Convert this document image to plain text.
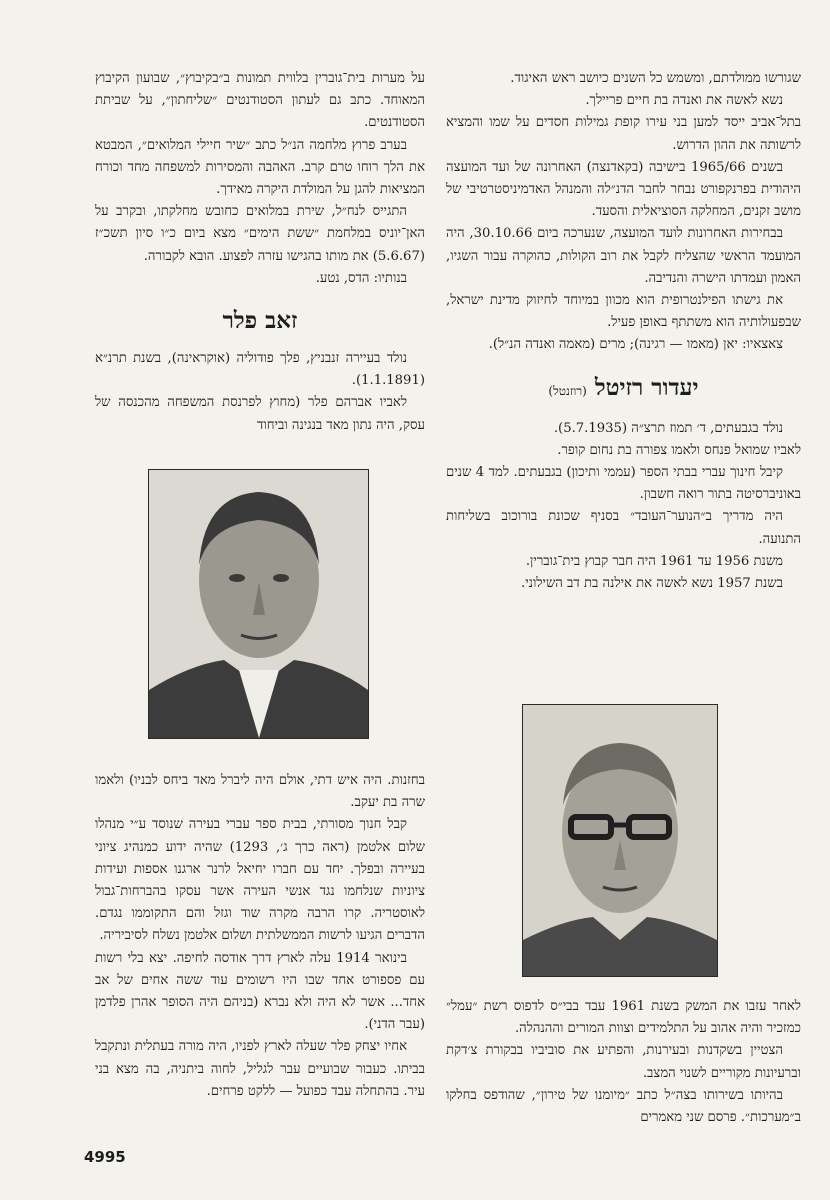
שגורשו ממולדתם, ומשמש כל השנים כיושב ראש האיגוד.

נשא לאשה את ואנדה בת חיים פריילך.

בתל־אביב ייסד למען בני עירו קופת גמילות חסדים על שמו והמציא לרשותה את ההון הדרוש.

בשנים 1965/66 בישיבה (בקאדנצה) האחרונה של ועד המועצה היהודית בפרנקפורט נבחר לחבר הדנ״לה והמנהל האדמיניסטרטיבי של מושב זקנים, המחלקה הסוציאלית והסעד.

בבחירות האחרונות לועד המועצה, שנערכה ביום 30.10.66, היה המועמד הראשי שהצליח לקבל את רוב הקולות, כהוקרה עבור השגיו, האמון ועמדתו הישרה והנדיבה.

את גישתו הפילנטרופית הוא מכוון במיוחד לחיזוק מדינת ישראל, שבפעולותיה הוא משתתף באופן פעיל.

צאצאיו: יאן (מאמו — רגינה); מרים (מאמה ואנדה הנ״ל).

יעדור רזיטל (רוזנטל)

נולד בגבעתים, ד׳ תמוז תרצ״ה (5.7.1935).

לאביו שמואל פנחס ולאמו צפורה בת נחום קופר.

קיבל חינוך עברי בבתי הספר (עממי ותיכון) בגבעתים. למד 4 שנים באוניברסיטה בתור רואה חשבון.

היה מדריך ב״הנוער־העובד״ בסניף שכונת בורוכוב בשליחות התנועה.

משנת 1956 עד 1961 היה חבר קבוץ בית־גוברין.

בשנת 1957 נשא לאשה את אילנה בת דב השילוני.

על מערות בית־גוברין בלווית תמונות ב״בקיבוץ״, שבועון הקיבוץ המאוחד. כתב גם לעתון הסטודנטים ״שליחתון״, על שביתת הסטודנטים.

בערב פרוץ מלחמה הנ״ל כתב ״שיר חיילי המלואים״, המבטא את הלך רוחו טרם קרב. האהבה והמסירות למשפחה מחד וכורח המציאות להגן על המולדת היקרה מאידך.

התגייס לנח״ל, שירת במלואים כחובש מחלקתו, ובקרב על האן־יוניס במלחמת ״ששת הימים״ מצא ביום כ״ו סיון תשכ״ז (5.6.67) את מותו בהגישו עזרה לפצוע. הובא לקבורה.

בנותיו: הדס, נטע.

זאב פלר

נולד בעיירה זנבניץ, פלך פודוליה (אוקראינה), בשנת תרנ״א (1.1.1891).

לאביו אברהם פלר (מחוץ לפרנסת המשפחה מהכנסה של עסק, היה נתון מאד בנגינה וביחוד

בחזנות. היה איש דתי, אולם היה ליברל מאד ביחס לבניו) ולאמו שרה בת יעקב.

קבל חנוך מסורתי, בבית ספר עברי בעירה שנוסד ע״י מנהלו שלום אלטמן (ראה כרך ג׳, 1293) שהיה ידוע כמנהיג ציוני בעיירה ובפלך. יחד עם חברו יחיאל לרנר ארגנו אספות ועידות ציוניות שנלחמו נגד אנשי העירה אשר עסקו בהברחות־גבול לאוסטריה. קרו הרבה מקרה שוד וגזל והם התקוממו נגדם. הדברים הגיעו לרשות הממשלתית ושלום אלטמן נשלח לסיביריה.

בינואר 1914 עלה לארץ דרך אודסה לחיפה. יצא בלי רשות עם פספורט אחד שבו היו רשומים עוד ששה אחים של אב אחד... אשר לא היה ולא נברא (בניהם היה הסופר אהרן פלדמן (עבר הדני).

אחיו יצחק פלר שעלה לארץ לפניו, היה מורה בעתלית ונתקבל בביתו. כעבור שבועיים עבר לגליל, לחוה ביתניה, בה מצא בני עיר. בהתחלה עבד כפועל — ללקט פרחים.

לאחר עזבו את המשק בשנת 1961 עבד בבי״ס לדפוס רשת ״עמל״ כמזכיר והיה אהוב על התלמידים וצוות המורים וההנהלה.

הצטיין בשקדנות ובעירנות, והפתיע את סוביביו בבקורת צ׳דקת וברעיונות מקוריים לשנוי המצב.

בהיותו בשירותו בצה״ל כתב ״מיומנו של טירון״, שהודפס בחלקו ב״מערכות״. פרסם שני מאמרים

4995
